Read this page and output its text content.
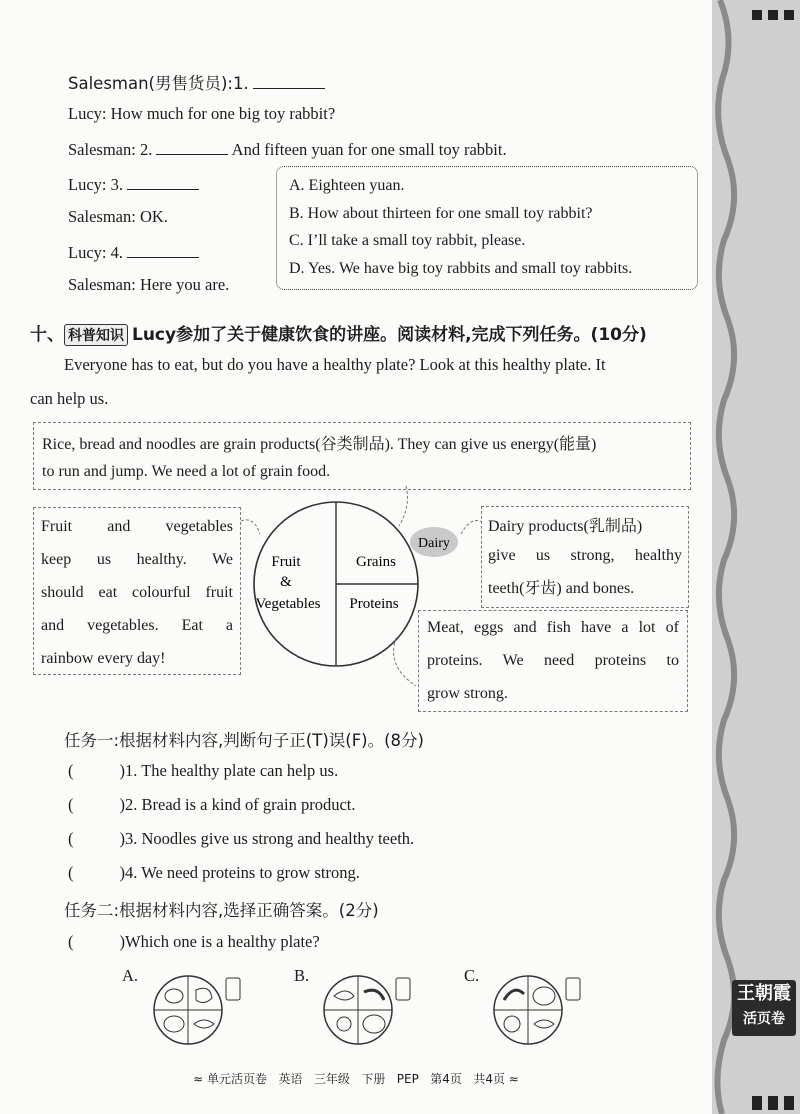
Salesman(男售货员):1.
Lucy: How much for one big toy rabbit?
Salesman: 2.	And fifteen yuan for one small toy rabbit.
Lucy: 3.
Salesman: OK.
Lucy: 4.
Salesman: Here you are.
A. Eighteen yuan.
B. How about thirteen for one small toy rabbit?
C. I’ll take a small toy rabbit, please.
D. Yes. We have big toy rabbits and small toy rabbits.
十、 科普知识 Lucy参加了关于健康饮食的讲座。阅读材料,完成下列任务。(10分)
Everyone has to eat, but do you have a healthy plate? Look at this healthy plate. It
can help us.
Rice, bread and noodles are grain products(谷类制品). They can give us energy(能量)
to run and jump. We need a lot of grain food.
Fruit and vegetables
keep us healthy. We
should eat colourful fruit
and vegetables. Eat a
rainbow every day!
Dairy products(乳制品)
give us strong, healthy
teeth(牙齿) and bones.
Meat, eggs and fish have a lot of
proteins. We need proteins to
grow strong.
Dairy
Fruit
&
Vegetables
Grains
Proteins
任务一:根据材料内容,判断句子正(T)误(F)。(8分)
(	)1. The healthy plate can help us.
(	)2. Bread is a kind of grain product.
(	)3. Noodles give us strong and healthy teeth.
(	)4. We need proteins to grow strong.
任务二:根据材料内容,选择正确答案。(2分)
(	)Which one is a healthy plate?
A.	B.	C.
王朝霞
活页卷
≈ 单元活页卷   英语   三年级   下册   PEP   第4页   共4页 ≈
